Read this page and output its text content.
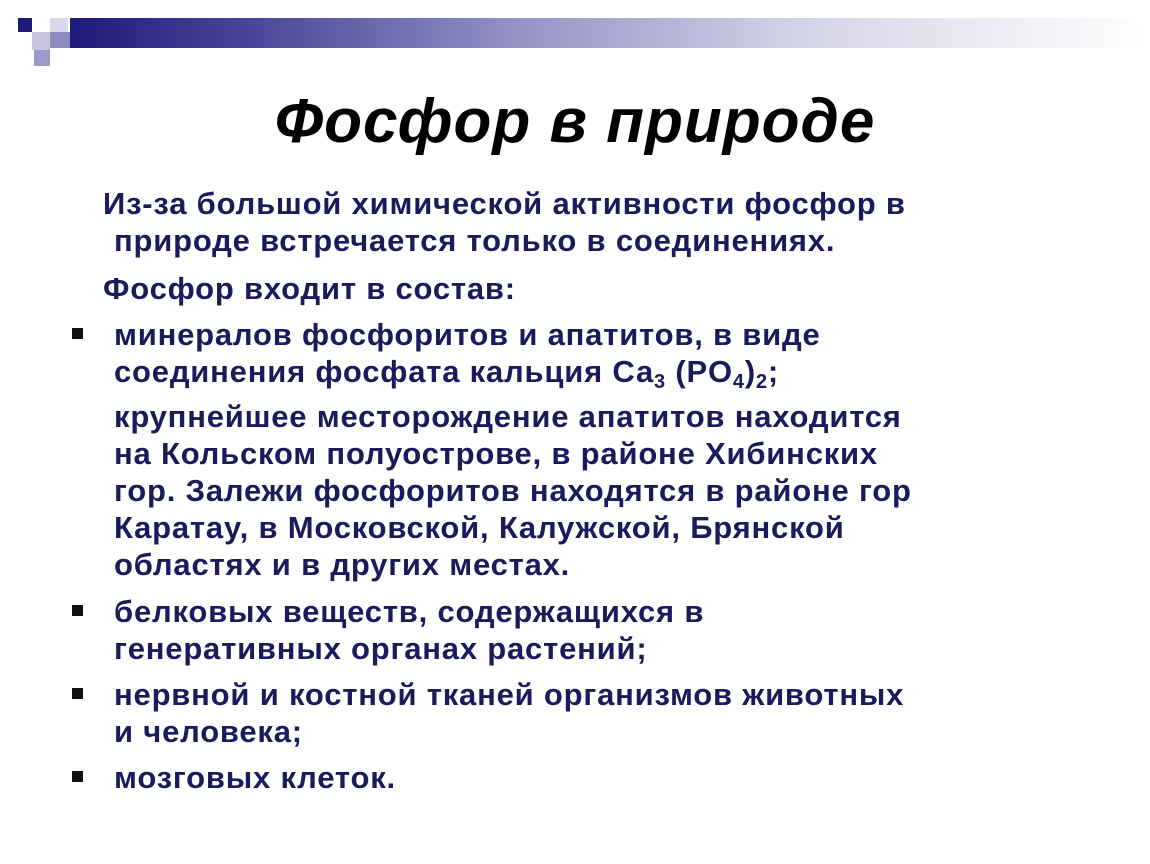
Фосфор в природе
Из-за большой химической активности фосфор в
природе встречается только в соединениях.
Фосфор входит в состав:
минералов фосфоритов и апатитов, в виде
соединения фосфата кальция $Са_3$ $(PO_4)_2$;
крупнейшее месторождение апатитов находится
на Кольском полуострове, в районе Хибинских
гор. Залежи фосфоритов находятся в районе гор
Каратау, в Московской, Калужской, Брянской
областях и в других местах.
белковых веществ, содержащихся в
генеративных органах растений;
нервной и костной тканей организмов животных
и человека;
мозговых клеток.
